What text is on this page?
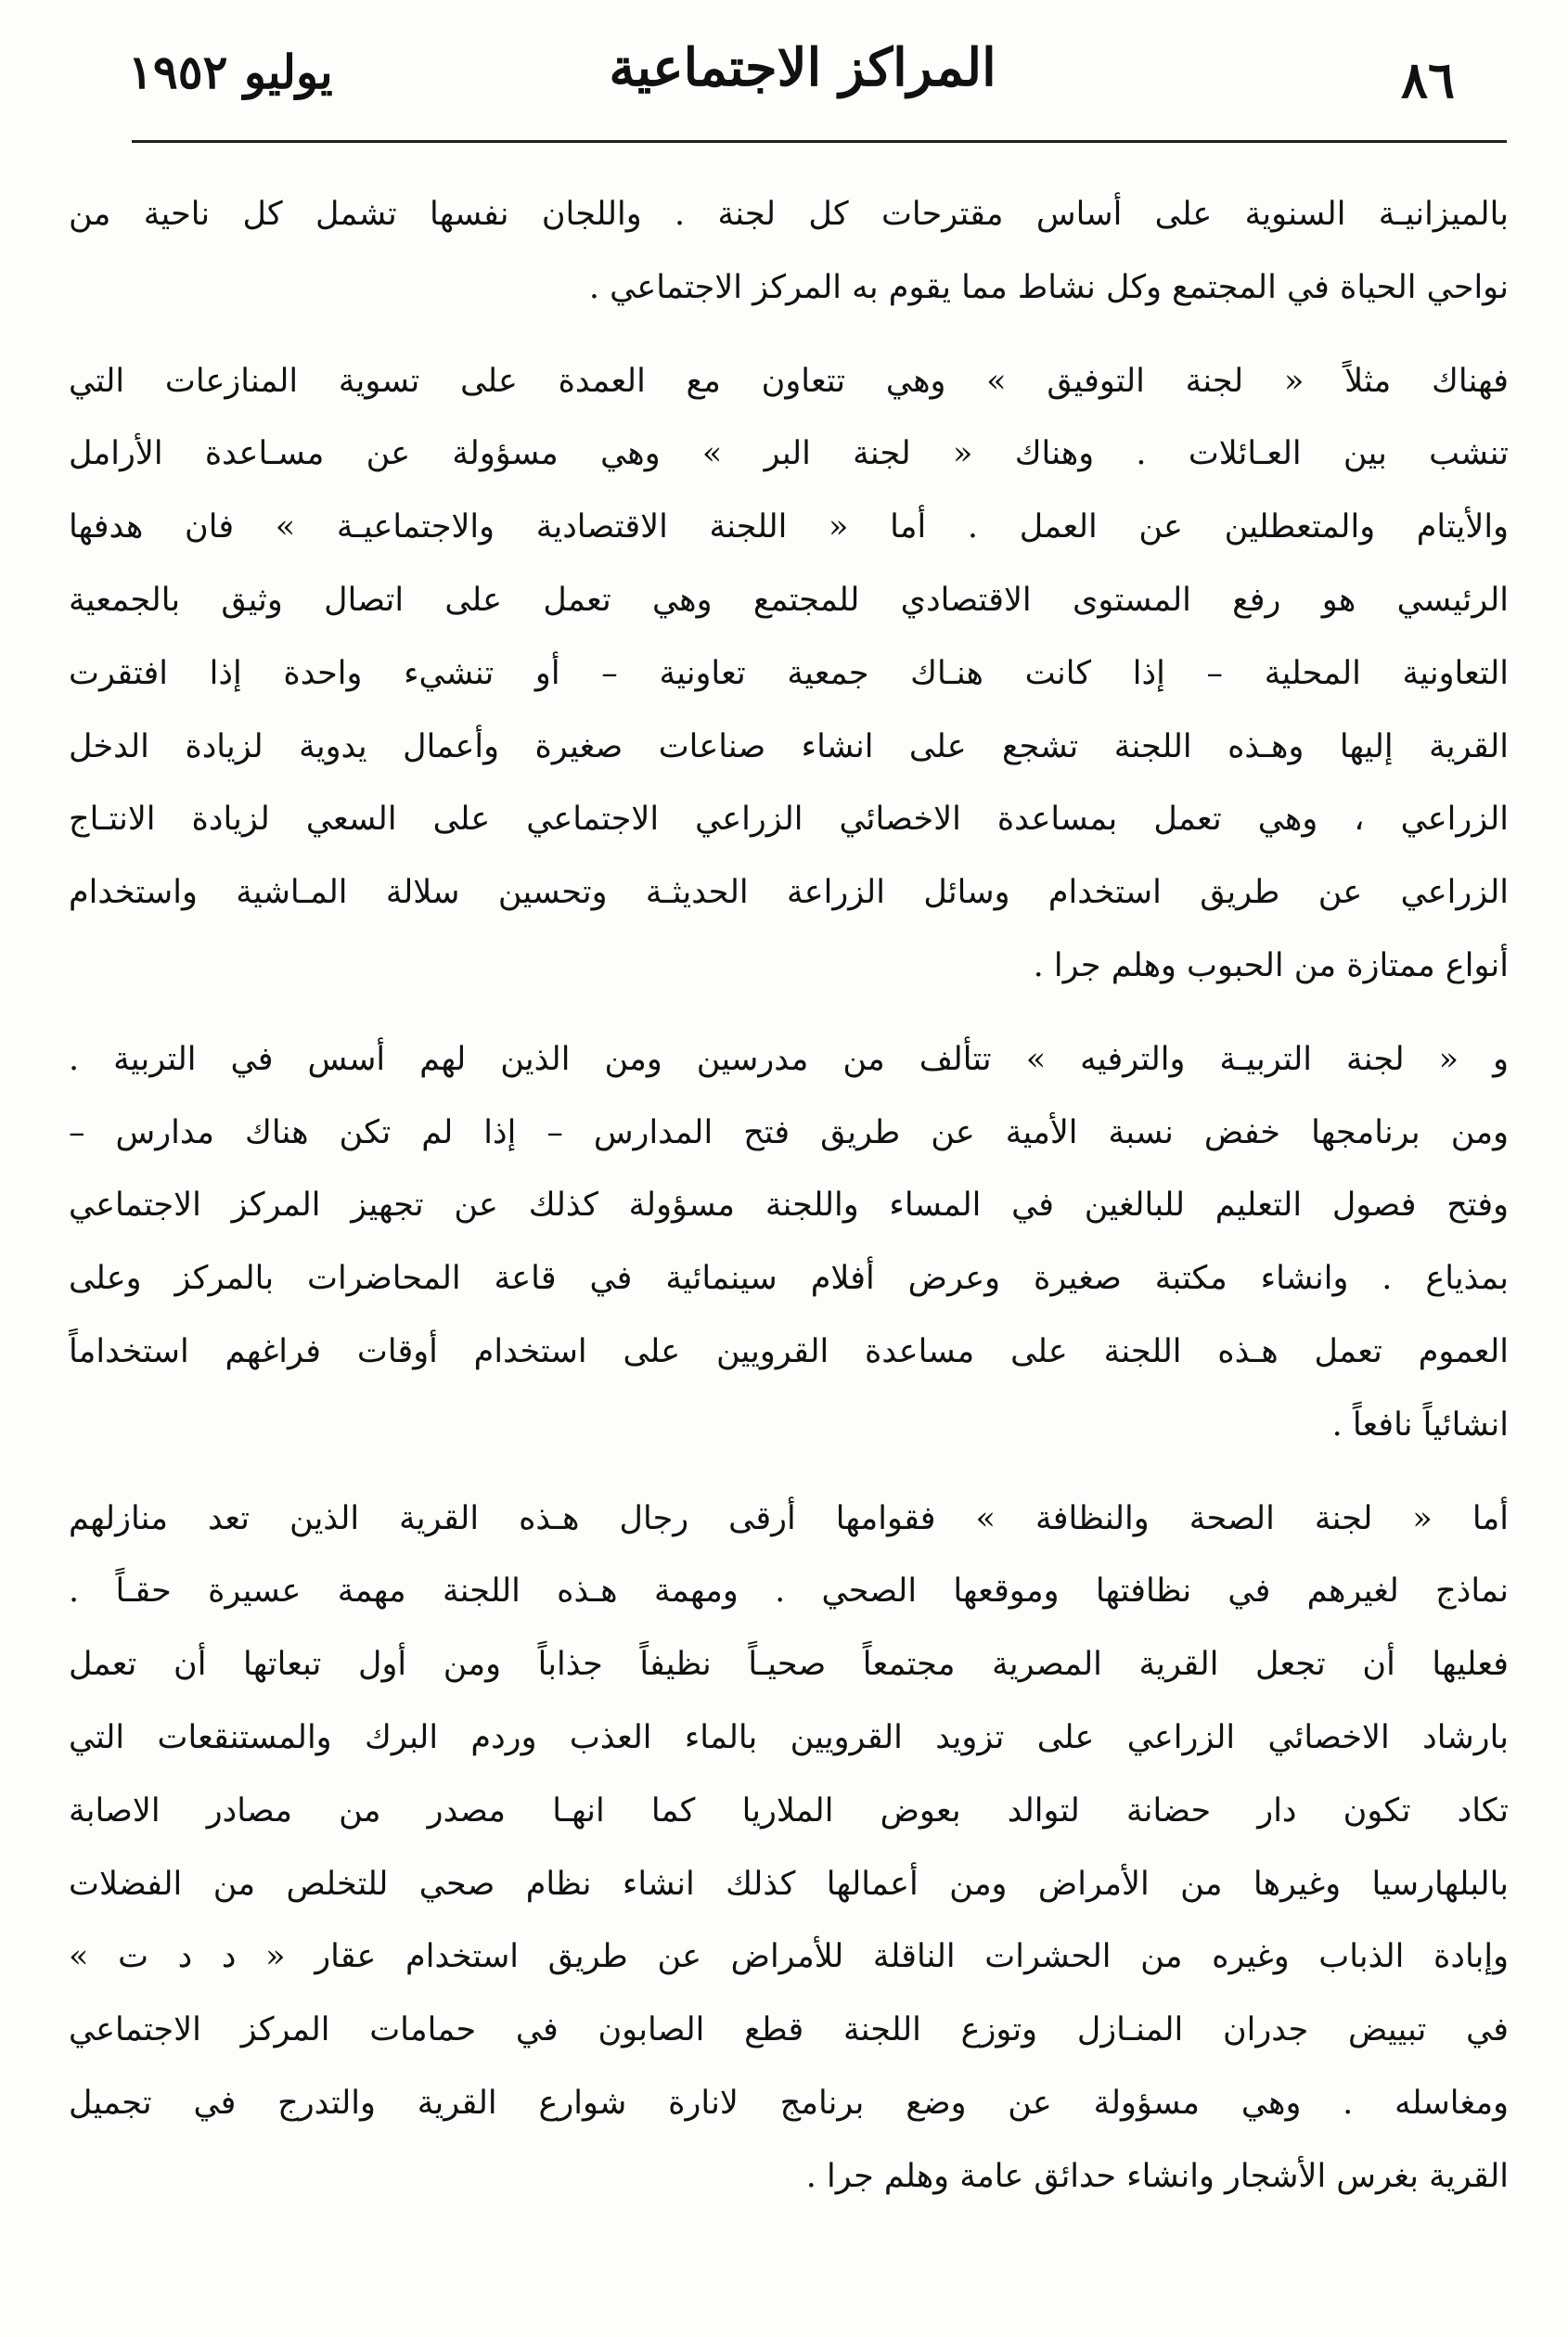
يوليو ١٩٥٢	المراكز الاجتماعية	٨٦
بالميزانيـة السنوية على أساس مقترحات كل لجنة . واللجان نفسها تشمل كل ناحية من
نواحي الحياة في المجتمع وكل نشاط مما يقوم به المركز الاجتماعي .
فهناك مثلاً « لجنة التوفيق » وهي تتعاون مع العمدة على تسوية المنازعات التي
تنشب بين العـائلات . وهناك « لجنة البر » وهي مسؤولة عن مسـاعدة الأرامل
والأيتام والمتعطلين عن العمل . أما « اللجنة الاقتصادية والاجتماعيـة » فان هدفها
الرئيسي هو رفع المستوى الاقتصادي للمجتمع وهي تعمل على اتصال وثيق بالجمعية
التعاونية المحلية – إذا كانت هنـاك جمعية تعاونية – أو تنشيء واحدة إذا افتقرت
القرية إليها وهـذه اللجنة تشجع على انشاء صناعات صغيرة وأعمال يدوية لزيادة الدخل
الزراعي ، وهي تعمل بمساعدة الاخصائي الزراعي الاجتماعي على السعي لزيادة الانتـاج
الزراعي عن طريق استخدام وسائل الزراعة الحديثـة وتحسين سلالة المـاشية واستخدام
أنواع ممتازة من الحبوب وهلم جرا .
و « لجنة التربيـة والترفيه » تتألف من مدرسين ومن الذين لهم أسس في التربية .
ومن برنامجها خفض نسبة الأمية عن طريق فتح المدارس – إذا لم تكن هناك مدارس –
وفتح فصول التعليم للبالغين في المساء واللجنة مسؤولة كذلك عن تجهيز المركز الاجتماعي
بمذياع . وانشاء مكتبة صغيرة وعرض أفلام سينمائية في قاعة المحاضرات بالمركز وعلى
العموم تعمل هـذه اللجنة على مساعدة القرويين على استخدام أوقات فراغهم استخداماً
انشائياً نافعاً .
أما « لجنة الصحة والنظافة » فقوامها أرقى رجال هـذه القرية الذين تعد منازلهم
نماذج لغيرهم في نظافتها وموقعها الصحي . ومهمة هـذه اللجنة مهمة عسيرة حقـاً .
فعليها أن تجعل القرية المصرية مجتمعاً صحيـاً نظيفاً جذاباً ومن أول تبعاتها أن تعمل
بارشاد الاخصائي الزراعي على تزويد القرويين بالماء العذب وردم البرك والمستنقعات التي
تكاد تكون دار حضانة لتوالد بعوض الملاريا كما انهـا مصدر من مصادر الاصابة
بالبلهارسيا وغيرها من الأمراض ومن أعمالها كذلك انشاء نظام صحي للتخلص من الفضلات
وإبادة الذباب وغيره من الحشرات الناقلة للأمراض عن طريق استخدام عقار « د د ت »
في تبييض جدران المنـازل وتوزع اللجنة قطع الصابون في حمامات المركز الاجتماعي
ومغاسله . وهي مسؤولة عن وضع برنامج لانارة شوارع القرية والتدرج في تجميل
القرية بغرس الأشجار وانشاء حدائق عامة وهلم جرا .
